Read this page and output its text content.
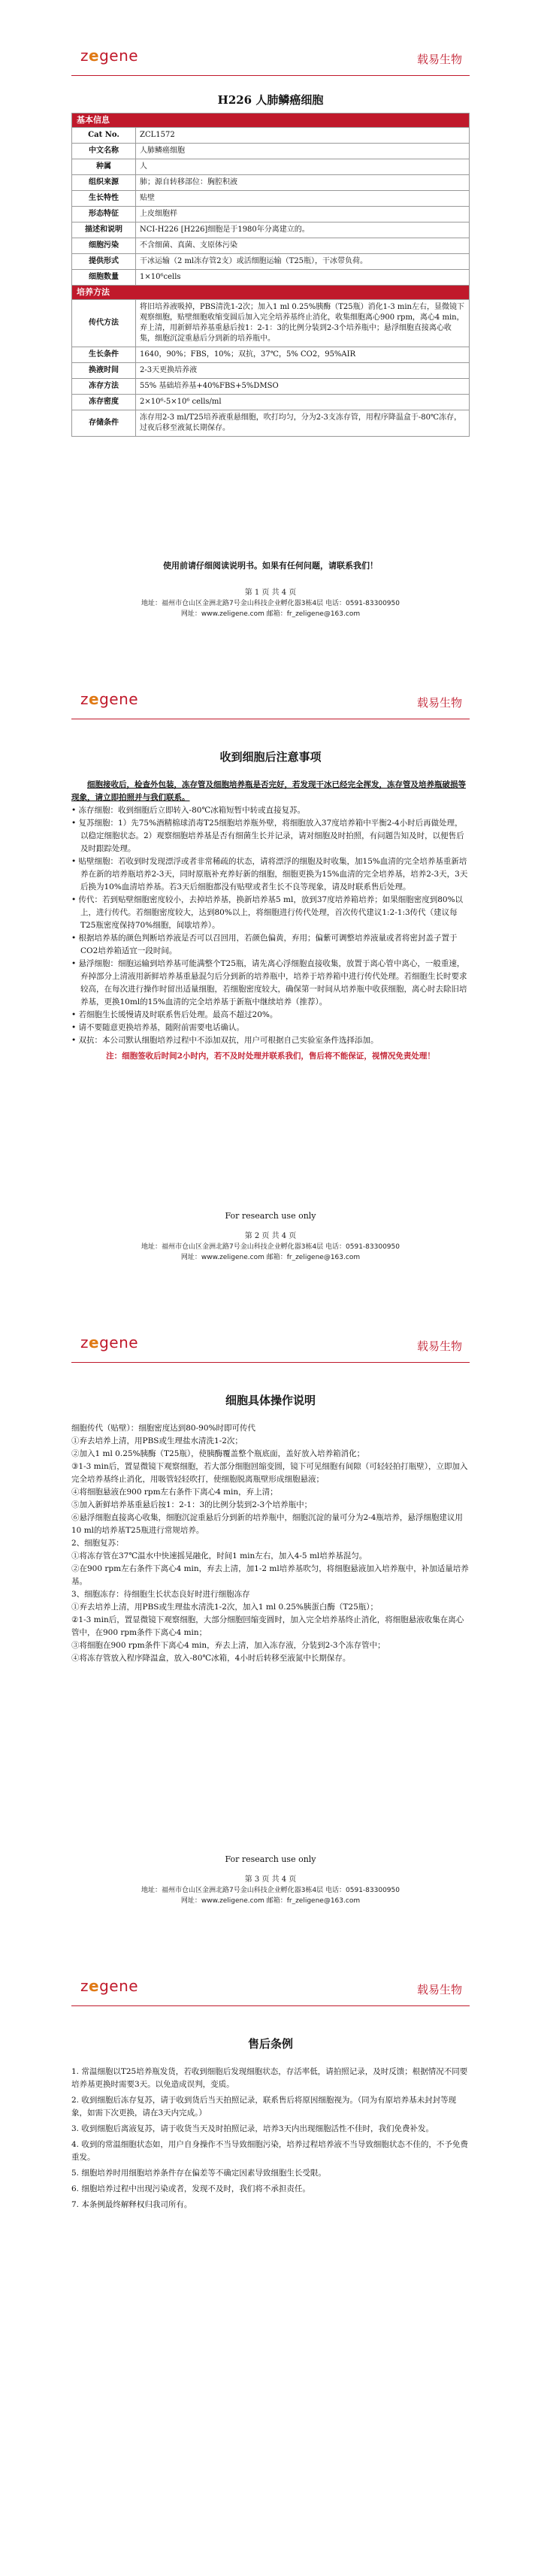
zegene	载易生物
H226 人肺鳞癌细胞
基本信息	
Cat No.	ZCL1572
中文名称	人肺鳞癌细胞
种属	人
组织来源	肺；源自转移部位：胸腔积液
生长特性	贴壁
形态特征	上皮细胞样
描述和说明	NCI-H226 [H226]细胞是于1980年分离建立的。
细胞污染	不含细菌、真菌、支原体污染
提供形式	干冰运输（2 ml冻存管2支）或活细胞运输（T25瓶），干冰带负荷。
细胞数量	1×10⁶cells
培养方法	
传代方法	将旧培养液吸掉，PBS清洗1-2次；加入1 ml 0.25%胰酶（T25瓶）消化1-3 min左右，显微镜下观察细胞，贴壁细胞收缩变圆后加入完全培养基终止消化，收集细胞离心900 rpm，离心4 min，弃上清，用新鲜培养基重悬后按1：2-1：3的比例分装到2-3个培养瓶中；悬浮细胞直接离心收集，细胞沉淀重悬后分到新的培养瓶中。
生长条件	1640，90%；FBS，10%；双抗，37℃，5% CO2，95%AIR
换液时间	2-3天更换培养液
冻存方法	55% 基础培养基+40%FBS+5%DMSO
冻存密度	2×10⁶-5×10⁶ cells/ml
存储条件	冻存用2-3 ml/T25培养液重悬细胞，吹打均匀，分为2-3支冻存管，用程序降温盒于-80℃冻存，过夜后移至液氮长期保存。
使用前请仔细阅读说明书。如果有任何问题，请联系我们！
第 1 页 共 4 页
地址：福州市仓山区金洲北路7号金山科技企业孵化器3栋4层 电话：0591-83300950
网址：www.zeligene.com 邮箱：fr_zeligene@163.com
zegene	载易生物
收到细胞后注意事项

细胞接收后，检查外包装，冻存管及细胞培养瓶是否完好，若发现干冰已经完全挥发，冻存管及培养瓶破损等现象，请立即拍照并与我们联系。

• 冻存细胞：收到细胞后立即转入-80℃冰箱短暂中转或直接复苏。

• 复苏细胞：1）先75%酒精棉球消毒T25细胞培养瓶外壁，将细胞放入37度培养箱中平衡2-4小时后再做处理，以稳定细胞状态。2）观察细胞培养基是否有细菌生长并记录，请对细胞及时拍照，有问题告知及时，以便售后及时跟踪处理。

• 贴壁细胞：若收到时发现漂浮或者非常稀疏的状态，请将漂浮的细胞及时收集，加15%血清的完全培养基重新培养在新的培养瓶培养2-3天，同时原瓶补充养好新的细胞，细胞更换为15%血清的完全培养基，培养2-3天，3天后换为10%血清培养基。若3天后细胞都没有贴壁或者生长不良等现象，请及时联系售后处理。

• 传代：若到贴壁细胞密度较小，去掉培养基，换新培养基5 ml，放到37度培养箱培养；如果细胞密度到80%以上，进行传代。若细胞密度较大，达到80%以上，将细胞进行传代处理，首次传代建议1:2-1:3传代（建议每T25瓶密度保持70%细胞，间歇培养）。

• 根据培养基的颜色判断培养液是否可以召回用，若颜色偏黄，弃用；偏紫可调整培养液量或者将密封盖子置于CO2培养箱适宜一段时间。

• 悬浮细胞：细胞运输到培养基可能满整个T25瓶，请先离心浮细胞直接收集，放置于离心管中离心，一般重速，弃掉部分上清液用新鲜培养基重悬混匀后分到新的培养瓶中，培养于培养箱中进行传代处理。若细胞生长时要求较高，在每次进行操作时留出适量细胞，若细胞密度较大，确保第一时间从培养瓶中收获细胞，离心时去除旧培养基，更换10ml的15%血清的完全培养基于新瓶中继续培养（推荐）。

• 若细胞生长缓慢请及时联系售后处理。最高不超过20%。

• 请不要随意更换培养基，随附前需要电话确认。

• 双抗：本公司默认细胞培养过程中不添加双抗，用户可根据自己实验室条件选择添加。

注：细胞签收后时间2小时内，若不及时处理并联系我们，售后将不能保证，视情况免责处理！

For research use only
第 2 页 共 4 页
地址：福州市仓山区金洲北路7号金山科技企业孵化器3栋4层 电话：0591-83300950
网址：www.zeligene.com 邮箱：fr_zeligene@163.com
zegene	载易生物
细胞具体操作说明

细胞传代（贴壁）：细胞密度达到80-90%时即可传代

①弃去培养上清，用PBS或生理盐水清洗1-2次；

②加入1 ml 0.25%胰酶（T25瓶），使胰酶覆盖整个瓶底面，盖好放入培养箱消化；

③1-3 min后，置显微镜下观察细胞，若大部分细胞回缩变圆，镜下可见细胞有间隙（可轻轻拍打瓶壁），立即加入完全培养基终止消化，用吸管轻轻吹打，使细胞脱离瓶壁形成细胞悬液；

④将细胞悬液在900 rpm左右条件下离心4 min，弃上清；

⑤加入新鲜培养基重悬后按1：2-1：3的比例分装到2-3个培养瓶中；

⑥悬浮细胞直接离心收集，细胞沉淀重悬后分到新的培养瓶中，细胞沉淀的量可分为2-4瓶培养，悬浮细胞建议用10 ml的培养基T25瓶进行常规培养。

2、细胞复苏：

①将冻存管在37℃温水中快速摇晃融化，时间1 min左右，加入4-5 ml培养基混匀。

②在900 rpm左右条件下离心4 min，弃去上清，加1-2 ml培养基吹匀，将细胞悬液加入培养瓶中，补加适量培养基。

3、细胞冻存：待细胞生长状态良好时进行细胞冻存

①弃去培养上清，用PBS或生理盐水清洗1-2次，加入1 ml 0.25%胰蛋白酶（T25瓶）；

②1-3 min后，置显微镜下观察细胞，大部分细胞回缩变圆时，加入完全培养基终止消化，将细胞悬液收集在离心管中，在900 rpm条件下离心4 min；

③将细胞在900 rpm条件下离心4 min，弃去上清，加入冻存液，分装到2-3个冻存管中；

④将冻存管放入程序降温盒，放入-80℃冰箱，4小时后转移至液氮中长期保存。

For research use only
第 3 页 共 4 页
地址：福州市仓山区金洲北路7号金山科技企业孵化器3栋4层 电话：0591-83300950
网址：www.zeligene.com 邮箱：fr_zeligene@163.com
zegene	载易生物
售后条例

1. 常温细胞以T25培养瓶发货，若收到细胞后发现细胞状态，存活率低，请拍照记录，及时反馈；根据情况不同要培养基更换时需要3天。以免造成误判，变质。

2. 收到细胞后冻存复苏，请于收到货后当天拍照记录，联系售后将原因细胞视为。（同为有原培养基未封封等现象，如需下次更换，请在3天内完成。）

3. 收到细胞后离液复苏，请于收货当天及时拍照记录，培养3天内出现细胞活性不佳时，我们免费补发。

4. 收到的常温细胞状态如，用户自身操作不当导致细胞污染，培养过程培养液不当导致细胞状态不佳的，不予免费重发。

5. 细胞培养时用细胞培养条件存在偏差等不确定因素导致细胞生长受限。

6. 细胞培养过程中出现污染或者，发现不及时，我们将不承担责任。

7. 本条例最终解释权归我司所有。
